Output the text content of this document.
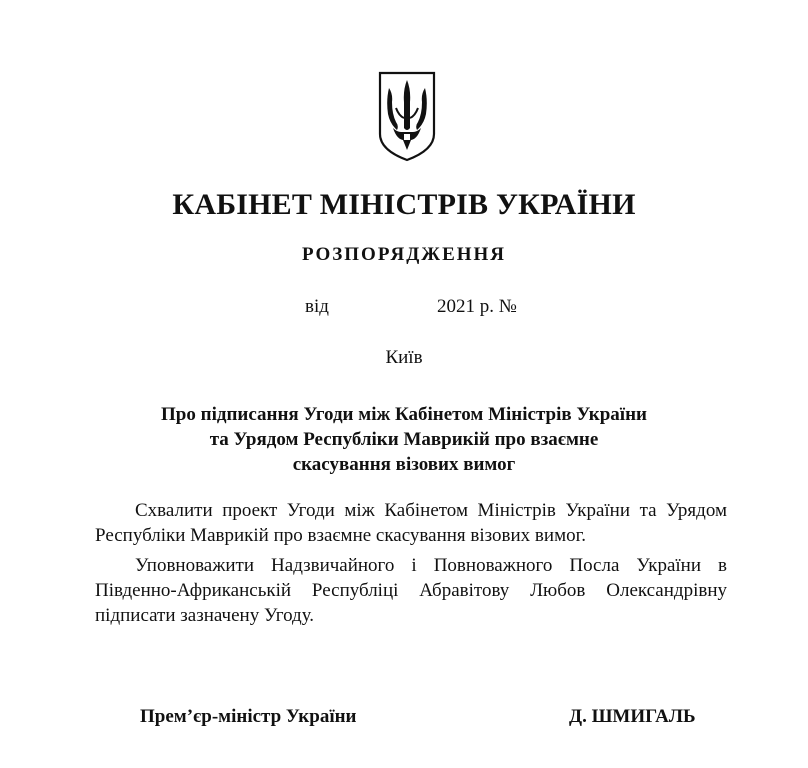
КАБІНЕТ МІНІСТРІВ УКРАЇНИ
РОЗПОРЯДЖЕННЯ
від	2021 р. №
Київ
Про підписання Угоди між Кабінетом Міністрів України
та Урядом Республіки Маврикій про взаємне
скасування візових вимог
Схвалити проект Угоди між Кабінетом Міністрів України та Урядом
Республіки Маврикій про взаємне скасування візових вимог.
Уповноважити Надзвичайного і Повноважного Посла України в
Південно-Африканській Республіці Абравітову Любов Олександрівну
підписати зазначену Угоду.
Прем’єр-міністр України	Д. ШМИГАЛЬ
